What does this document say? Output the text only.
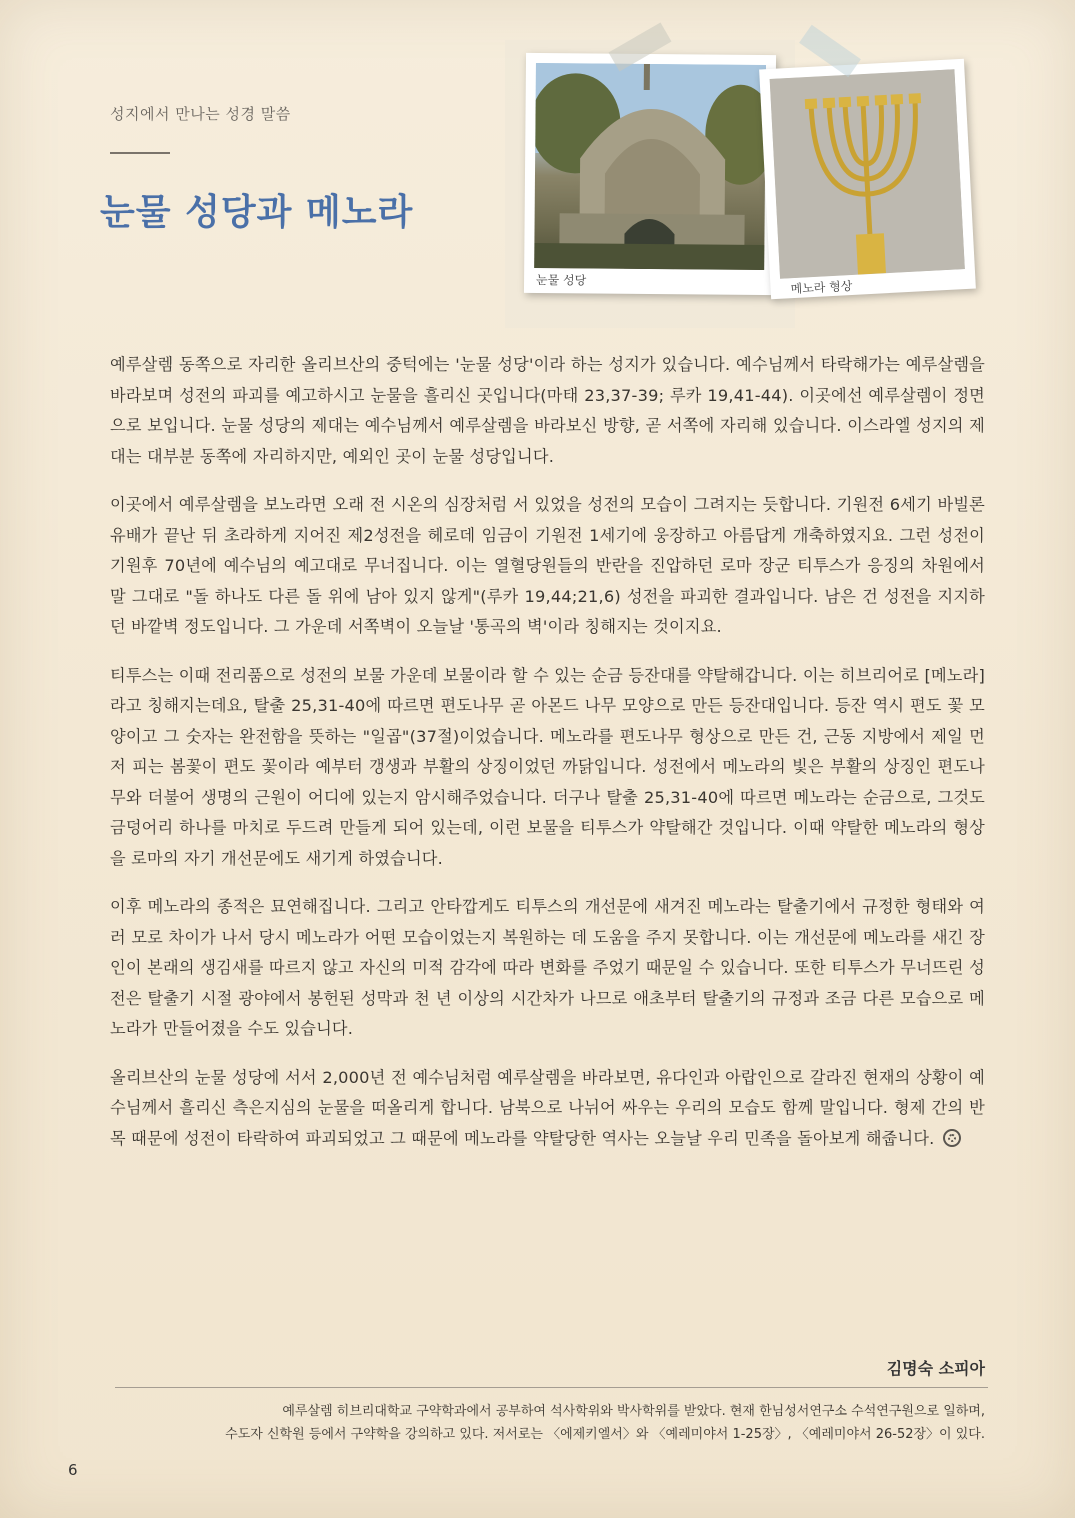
성지에서 만나는 성경 말씀
눈물 성당과 메노라
눈물 성당	메노라 형상

예루살렘 동쪽으로 자리한 올리브산의 중턱에는 '눈물 성당'이라 하는 성지가 있습니다. 예수님께서 타락해가는 예루살렘을 바라보며 성전의 파괴를 예고하시고 눈물을 흘리신 곳입니다(마태 23,37-39; 루카 19,41-44). 이곳에선 예루살렘이 정면으로 보입니다. 눈물 성당의 제대는 예수님께서 예루살렘을 바라보신 방향, 곧 서쪽에 자리해 있습니다. 이스라엘 성지의 제대는 대부분 동쪽에 자리하지만, 예외인 곳이 눈물 성당입니다.

이곳에서 예루살렘을 보노라면 오래 전 시온의 심장처럼 서 있었을 성전의 모습이 그려지는 듯합니다. 기원전 6세기 바빌론 유배가 끝난 뒤 초라하게 지어진 제2성전을 헤로데 임금이 기원전 1세기에 웅장하고 아름답게 개축하였지요. 그런 성전이 기원후 70년에 예수님의 예고대로 무너집니다. 이는 열혈당원들의 반란을 진압하던 로마 장군 티투스가 응징의 차원에서 말 그대로 "돌 하나도 다른 돌 위에 남아 있지 않게"(루카 19,44;21,6) 성전을 파괴한 결과입니다. 남은 건 성전을 지지하던 바깥벽 정도입니다. 그 가운데 서쪽벽이 오늘날 '통곡의 벽'이라 칭해지는 것이지요.

티투스는 이때 전리품으로 성전의 보물 가운데 보물이라 할 수 있는 순금 등잔대를 약탈해갑니다. 이는 히브리어로 [메노라]라고 칭해지는데요, 탈출 25,31-40에 따르면 편도나무 곧 아몬드 나무 모양으로 만든 등잔대입니다. 등잔 역시 편도 꽃 모양이고 그 숫자는 완전함을 뜻하는 "일곱"(37절)이었습니다. 메노라를 편도나무 형상으로 만든 건, 근동 지방에서 제일 먼저 피는 봄꽃이 편도 꽃이라 예부터 갱생과 부활의 상징이었던 까닭입니다. 성전에서 메노라의 빛은 부활의 상징인 편도나무와 더불어 생명의 근원이 어디에 있는지 암시해주었습니다. 더구나 탈출 25,31-40에 따르면 메노라는 순금으로, 그것도 금덩어리 하나를 마치로 두드려 만들게 되어 있는데, 이런 보물을 티투스가 약탈해간 것입니다. 이때 약탈한 메노라의 형상을 로마의 자기 개선문에도 새기게 하였습니다.

이후 메노라의 종적은 묘연해집니다. 그리고 안타깝게도 티투스의 개선문에 새겨진 메노라는 탈출기에서 규정한 형태와 여러 모로 차이가 나서 당시 메노라가 어떤 모습이었는지 복원하는 데 도움을 주지 못합니다. 이는 개선문에 메노라를 새긴 장인이 본래의 생김새를 따르지 않고 자신의 미적 감각에 따라 변화를 주었기 때문일 수 있습니다. 또한 티투스가 무너뜨린 성전은 탈출기 시절 광야에서 봉헌된 성막과 천 년 이상의 시간차가 나므로 애초부터 탈출기의 규정과 조금 다른 모습으로 메노라가 만들어졌을 수도 있습니다.

올리브산의 눈물 성당에 서서 2,000년 전 예수님처럼 예루살렘을 바라보면, 유다인과 아랍인으로 갈라진 현재의 상황이 예수님께서 흘리신 측은지심의 눈물을 떠올리게 합니다. 남북으로 나뉘어 싸우는 우리의 모습도 함께 말입니다. 형제 간의 반목 때문에 성전이 타락하여 파괴되었고 그 때문에 메노라를 약탈당한 역사는 오늘날 우리 민족을 돌아보게 해줍니다.

김명숙 소피아
예루살렘 히브리대학교 구약학과에서 공부하여 석사학위와 박사학위를 받았다. 현재 한님성서연구소 수석연구원으로 일하며,
수도자 신학원 등에서 구약학을 강의하고 있다. 저서로는 〈에제키엘서〉와 〈예레미야서 1-25장〉, 〈예레미야서 26-52장〉이 있다.
6
